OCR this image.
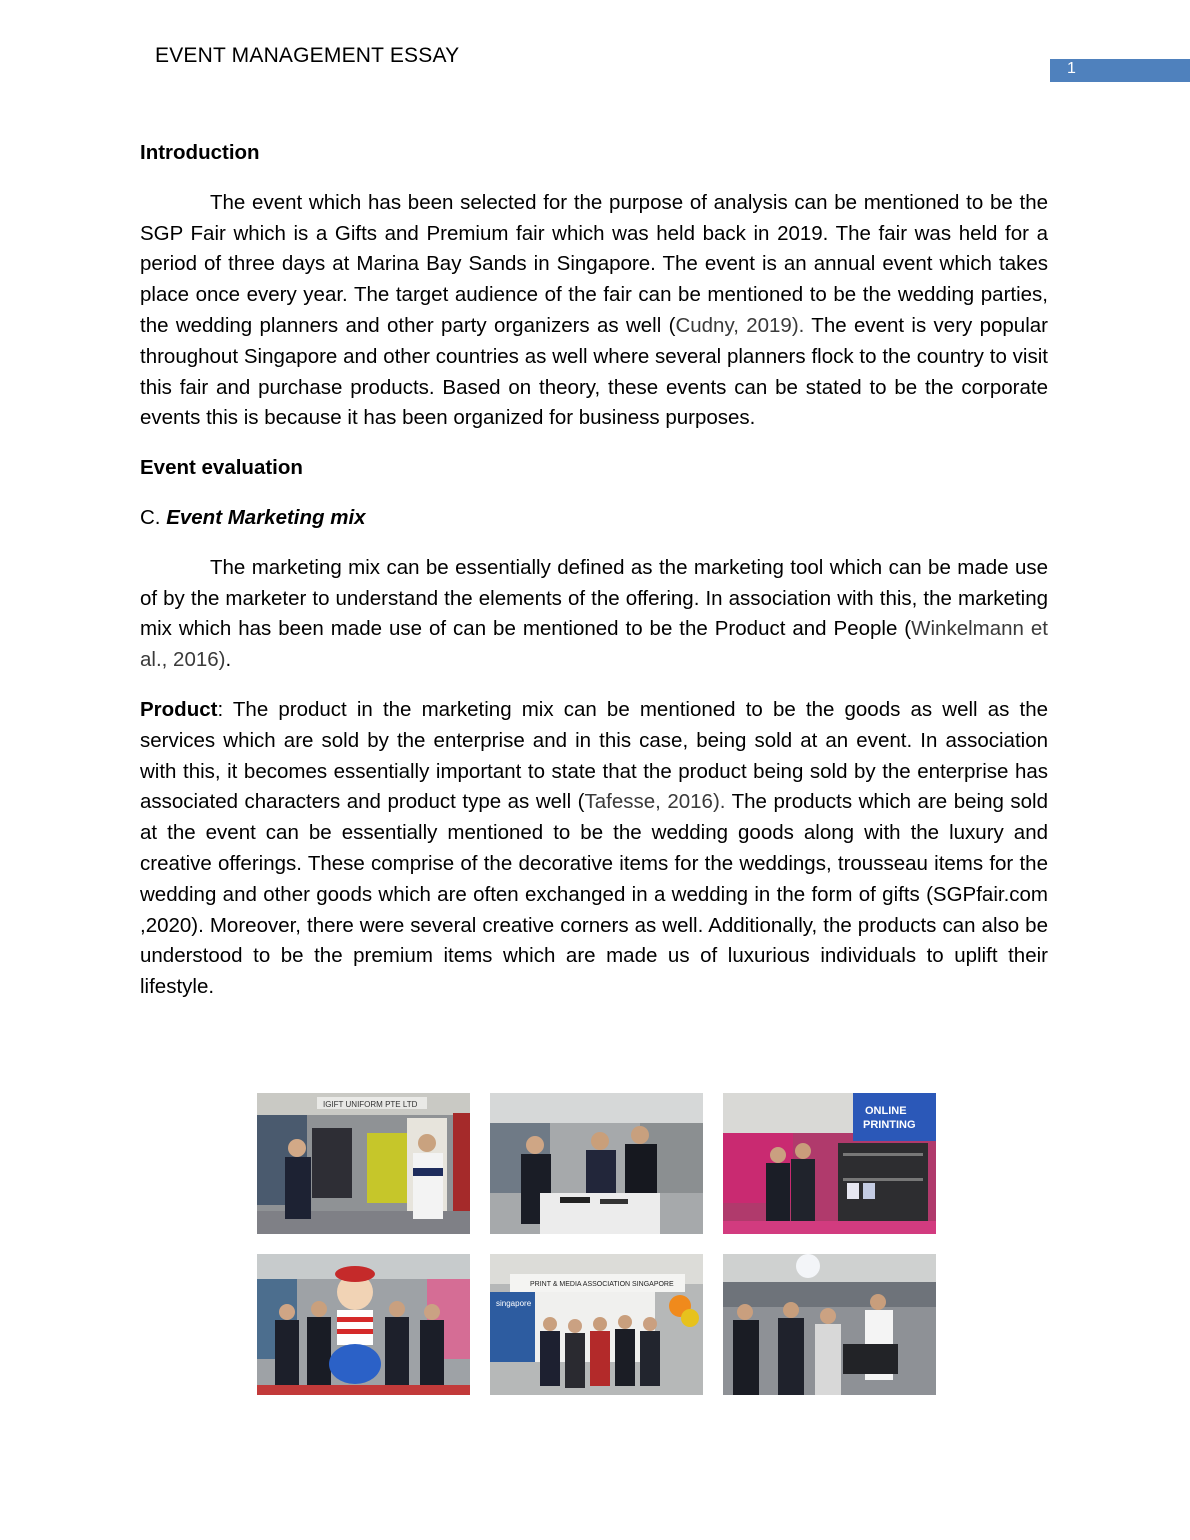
EVENT MANAGEMENT ESSAY
1
Introduction

The event which has been selected for the purpose of analysis can be mentioned to be the SGP Fair which is a Gifts and Premium fair which was held back in 2019. The fair was held for a period of three days at Marina Bay Sands in Singapore. The event is an annual event which takes place once every year. The target audience of the fair can be mentioned to be the wedding parties, the wedding planners and other party organizers as well (Cudny, 2019). The event is very popular throughout Singapore and other countries as well where several planners flock to the country to visit this fair and purchase products. Based on theory, these events can be stated to be the corporate events this is because it has been organized for business purposes.

Event evaluation
C. Event Marketing mix

The marketing mix can be essentially defined as the marketing tool which can be made use of by the marketer to understand the elements of the offering. In association with this, the marketing mix which has been made use of can be mentioned to be the Product and People (Winkelmann et al., 2016).

Product: The product in the marketing mix can be mentioned to be the goods as well as the services which are sold by the enterprise and in this case, being sold at an event. In association with this, it becomes essentially important to state that the product being sold by the enterprise has associated characters and product type as well (Tafesse, 2016). The products which are being sold at the event can be essentially mentioned to be the wedding goods along with the luxury and creative offerings. These comprise of the decorative items for the weddings, trousseau items for the wedding and other goods which are often exchanged in a wedding in the form of gifts (SGPfair.com ,2020). Moreover, there were several creative corners as well. Additionally, the products can also be understood to be the premium items which are made us of luxurious individuals to uplift their lifestyle.

IGIFT UNIFORM PTE LTD
ONLINE
PRINTING
PRINT & MEDIA ASSOCIATION SINGAPORE
singapore
